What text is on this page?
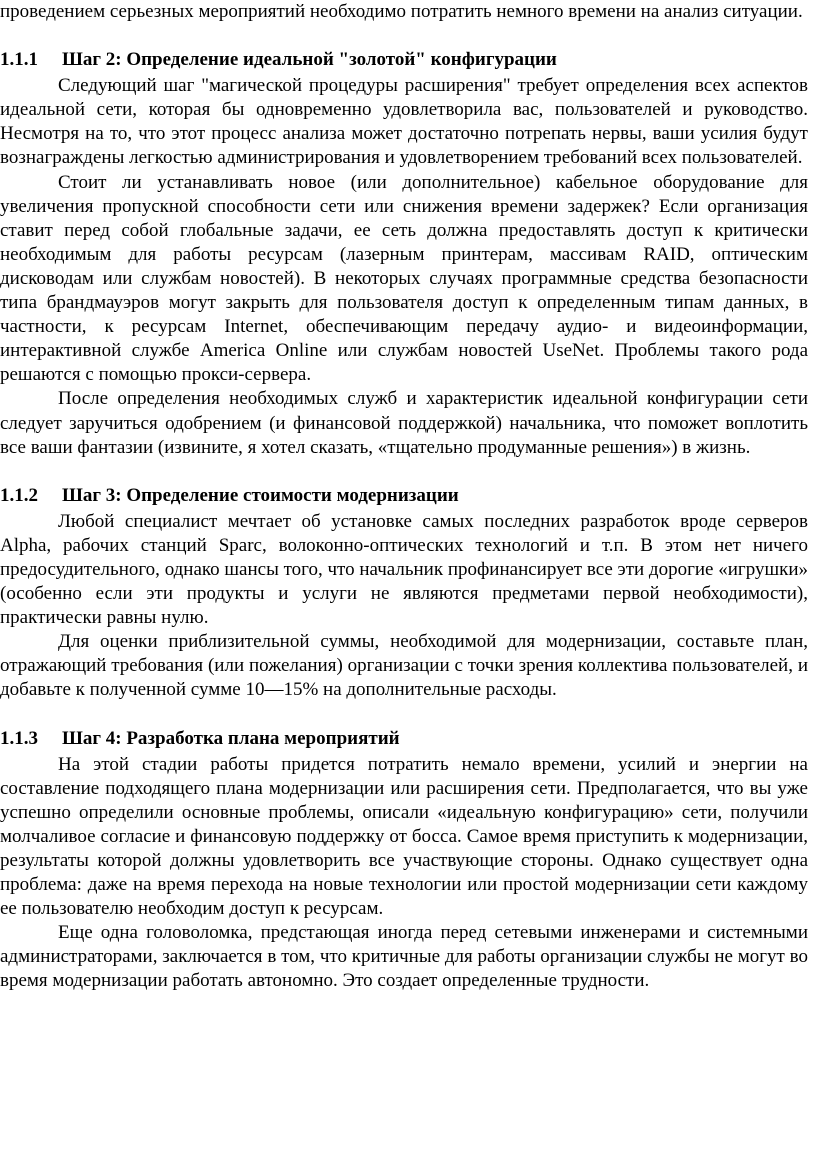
проведением серьезных мероприятий необходимо потратить немного времени на анализ ситуации.

1.1.1 Шаг 2: Определение идеальной "золотой" конфигурации

Следующий шаг "магической процедуры расширения" требует определения всех аспектов идеальной сети, которая бы одновременно удовлетворила вас, пользователей и руководство. Несмотря на то, что этот процесс анализа может достаточно потрепать нервы, ваши усилия будут вознаграждены легкостью администрирования и удовлетворением требований всех пользователей.

Стоит ли устанавливать новое (или дополнительное) кабельное оборудование для увеличения пропускной способности сети или снижения времени задержек? Если организация ставит перед собой глобальные задачи, ее сеть должна предоставлять доступ к критически необходимым для работы ресурсам (лазерным принтерам, массивам RAID, оптическим дисководам или службам новостей). В некоторых случаях программные средства безопасности типа брандмауэров могут закрыть для пользователя доступ к определенным типам данных, в частности, к ресурсам Internet, обеспечивающим передачу аудио- и видеоинформации, интерактивной службе America Online или службам новостей UseNet. Проблемы такого рода решаются с помощью прокси-сервера.

После определения необходимых служб и характеристик идеальной конфигурации сети следует заручиться одобрением (и финансовой поддержкой) начальника, что поможет воплотить все ваши фантазии (извините, я хотел сказать, «тщательно продуманные решения») в жизнь.

1.1.2 Шаг 3: Определение стоимости модернизации

Любой специалист мечтает об установке самых последних разработок вроде серверов Alpha, рабочих станций Sparc, волоконно-оптических технологий и т.п. В этом нет ничего предосудительного, однако шансы того, что начальник профинансирует все эти дорогие «игрушки» (особенно если эти продукты и услуги не являются предметами первой необходимости), практически равны нулю.

Для оценки приблизительной суммы, необходимой для модернизации, составьте план, отражающий требования (или пожелания) организации с точки зрения коллектива пользователей, и добавьте к полученной сумме 10—15% на дополнительные расходы.

1.1.3 Шаг 4: Разработка плана мероприятий

На этой стадии работы придется потратить немало времени, усилий и энергии на составление подходящего плана модернизации или расширения сети. Предполагается, что вы уже успешно определили основные проблемы, описали «идеальную конфигурацию» сети, получили молчаливое согласие и финансовую поддержку от босса. Самое время приступить к модернизации, результаты которой должны удовлетворить все участвующие стороны. Однако существует одна проблема: даже на время перехода на новые технологии или простой модернизации сети каждому ее пользователю необходим доступ к ресурсам.

Еще одна головоломка, предстающая иногда перед сетевыми инженерами и системными администраторами, заключается в том, что критичные для работы организации службы не могут во время модернизации работать автономно. Это создает определенные трудности.
